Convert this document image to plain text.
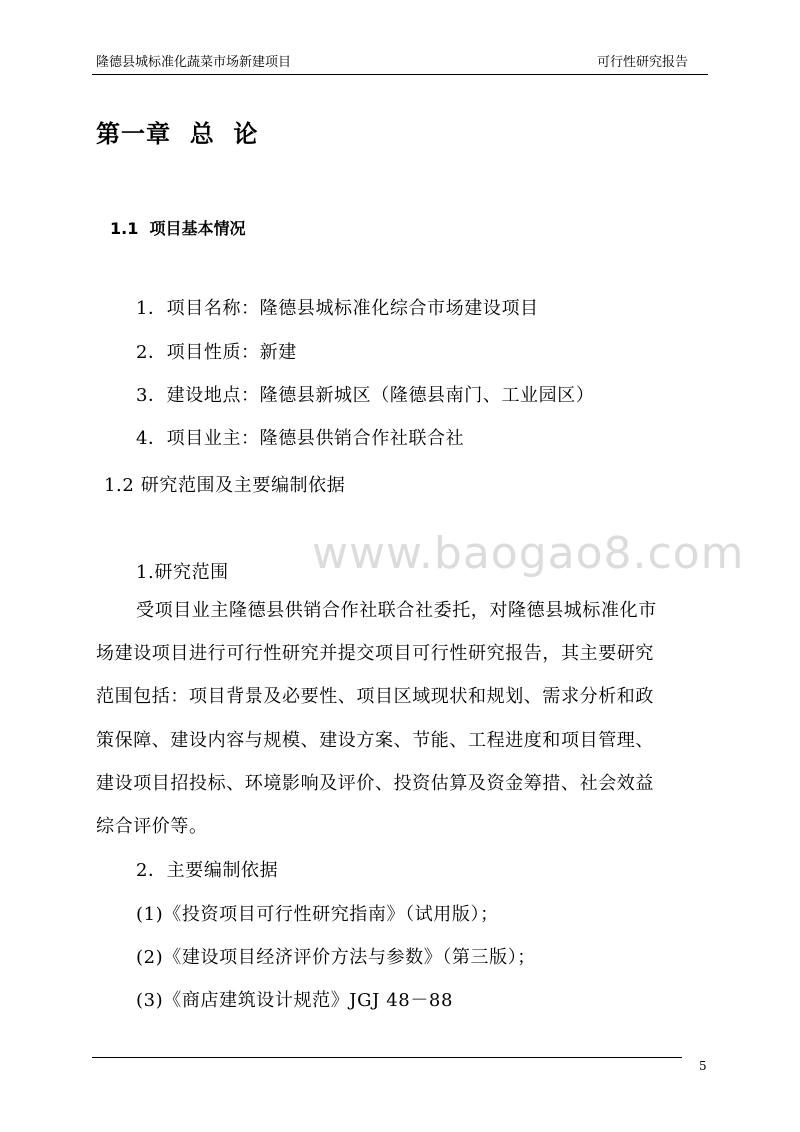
隆德县城标准化蔬菜市场新建项目	可行性研究报告
第一章  总  论
1.1  项目基本情况
1．项目名称：隆德县城标准化综合市场建设项目
2．项目性质：新建
3．建设地点：隆德县新城区（隆德县南门、工业园区）
4．项目业主：隆德县供销合作社联合社
1.2 研究范围及主要编制依据
www.baogao8.com
1.研究范围
受项目业主隆德县供销合作社联合社委托，对隆德县城标准化市
场建设项目进行可行性研究并提交项目可行性研究报告，其主要研究
范围包括：项目背景及必要性、项目区域现状和规划、需求分析和政
策保障、建设内容与规模、建设方案、节能、工程进度和项目管理、
建设项目招投标、环境影响及评价、投资估算及资金筹措、社会效益
综合评价等。
2．主要编制依据
(1)《投资项目可行性研究指南》（试用版）；
(2)《建设项目经济评价方法与参数》（第三版）；
(3)《商店建筑设计规范》JGJ 48－88
5
